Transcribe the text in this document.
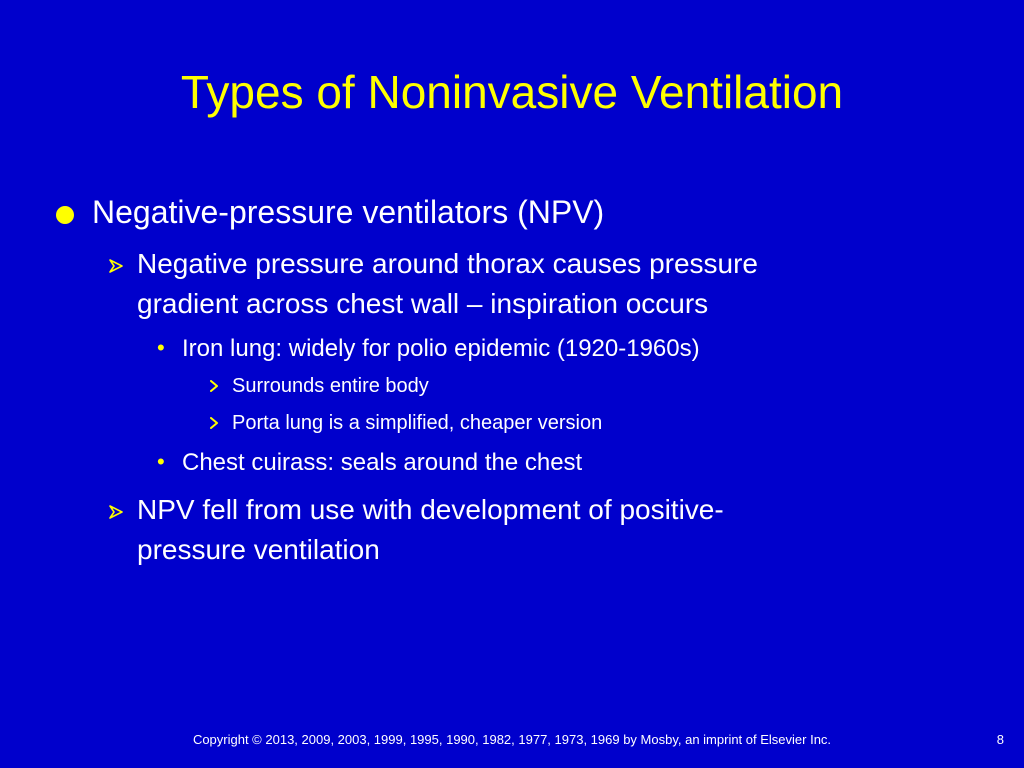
Types of Noninvasive Ventilation
Negative-pressure ventilators (NPV)
Negative pressure around thorax causes pressure
gradient across chest wall – inspiration occurs
• Iron lung: widely for polio epidemic (1920-1960s)
Surrounds entire body
Porta lung is a simplified, cheaper version
• Chest cuirass: seals around the chest
NPV fell from use with development of positive-
pressure ventilation
Copyright © 2013, 2009, 2003, 1999, 1995, 1990, 1982, 1977, 1973, 1969 by Mosby, an imprint of Elsevier Inc.	8
